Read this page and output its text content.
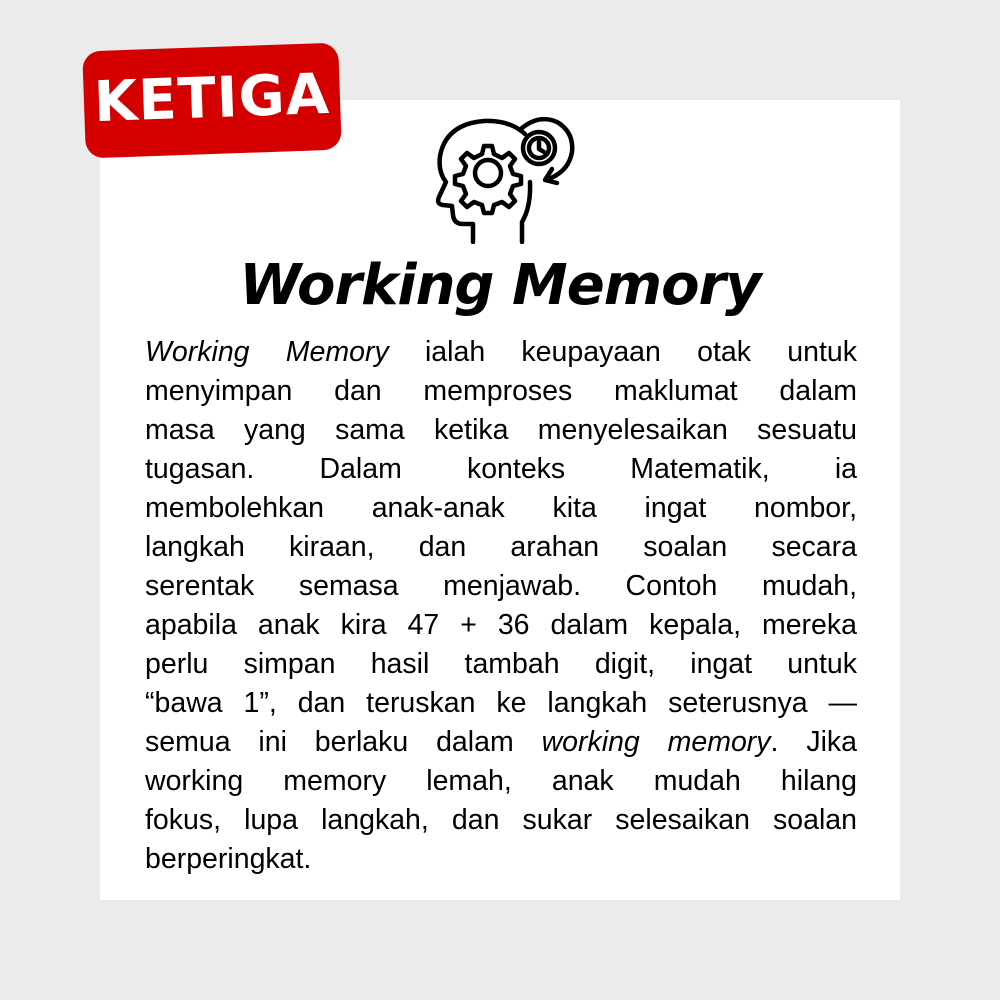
KETIGA
Working Memory
Working Memory ialah keupayaan otak untuk
menyimpan dan memproses maklumat dalam
masa yang sama ketika menyelesaikan sesuatu
tugasan. Dalam konteks Matematik, ia
membolehkan anak-anak kita ingat nombor,
langkah kiraan, dan arahan soalan secara
serentak semasa menjawab. Contoh mudah,
apabila anak kira 47 + 36 dalam kepala, mereka
perlu simpan hasil tambah digit, ingat untuk
“bawa 1”, dan teruskan ke langkah seterusnya —
semua ini berlaku dalam working memory. Jika
working memory lemah, anak mudah hilang
fokus, lupa langkah, dan sukar selesaikan soalan
berperingkat.
